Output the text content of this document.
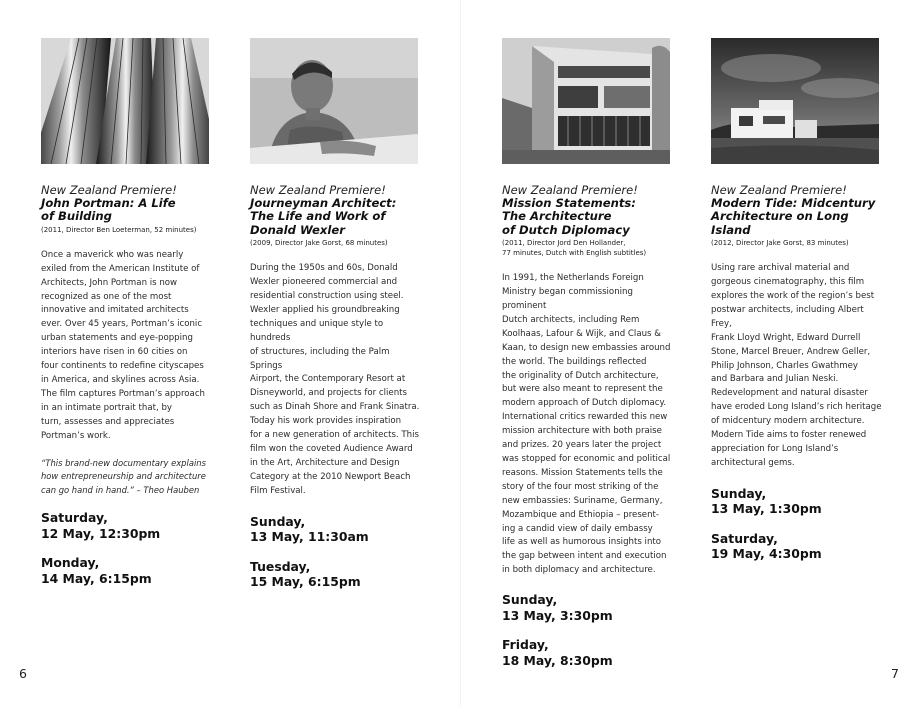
New Zealand Premiere!

John Portman: A Life
of Building

(2011, Director Ben Loeterman, 52 minutes)

Once a maverick who was nearly
exiled from the American Institute of
Architects, John Portman is now
recognized as one of the most
innovative and imitated architects
ever. Over 45 years, Portman’s iconic
urban statements and eye-popping
interiors have risen in 60 cities on
four continents to redefine cityscapes
in America, and skylines across Asia.
The film captures Portman’s approach
in an intimate portrait that, by
turn, assesses and appreciates
Portman’s work.

“This brand-new documentary explains
how entrepreneurship and architecture
can go hand in hand.” – Theo Hauben

Saturday,
12 May, 12:30pm

Monday,
14 May, 6:15pm

New Zealand Premiere!

Journeyman Architect:
The Life and Work of
Donald Wexler

(2009, Director Jake Gorst, 68 minutes)

During the 1950s and 60s, Donald
Wexler pioneered commercial and
residential construction using steel.
Wexler applied his groundbreaking
techniques and unique style to hundreds
of structures, including the Palm Springs
Airport, the Contemporary Resort at
Disneyworld, and projects for clients
such as Dinah Shore and Frank Sinatra.
Today his work provides inspiration
for a new generation of architects. This
film won the coveted Audience Award
in the Art, Architecture and Design
Category at the 2010 Newport Beach
Film Festival.

Sunday,
13 May, 11:30am

Tuesday,
15 May, 6:15pm

New Zealand Premiere!

Mission Statements:
The Architecture
of Dutch Diplomacy

(2011, Director Jord Den Hollander,

77 minutes, Dutch with English subtitles)

In 1991, the Netherlands Foreign
Ministry began commissioning prominent
Dutch architects, including Rem
Koolhaas, Lafour & Wijk, and Claus &
Kaan, to design new embassies around
the world. The buildings reflected
the originality of Dutch architecture,
but were also meant to represent the
modern approach of Dutch diplomacy.
International critics rewarded this new
mission architecture with both praise
and prizes. 20 years later the project
was stopped for economic and political
reasons. Mission Statements tells the
story of the four most striking of the
new embassies: Suriname, Germany,
Mozambique and Ethiopia – present-
ing a candid view of daily embassy
life as well as humorous insights into
the gap between intent and execution
in both diplomacy and architecture.

Sunday,
13 May, 3:30pm

Friday,
18 May, 8:30pm

New Zealand Premiere!

Modern Tide: Midcentury
Architecture on Long
Island

(2012, Director Jake Gorst, 83 minutes)

Using rare archival material and
gorgeous cinematography, this film
explores the work of the region’s best
postwar architects, including Albert Frey,
Frank Lloyd Wright, Edward Durrell
Stone, Marcel Breuer, Andrew Geller,
Philip Johnson, Charles Gwathmey
and Barbara and Julian Neski.
Redevelopment and natural disaster
have eroded Long Island’s rich heritage
of midcentury modern architecture.
Modern Tide aims to foster renewed
appreciation for Long Island’s
architectural gems.

Sunday,
13 May, 1:30pm

Saturday,
19 May, 4:30pm

6	7
